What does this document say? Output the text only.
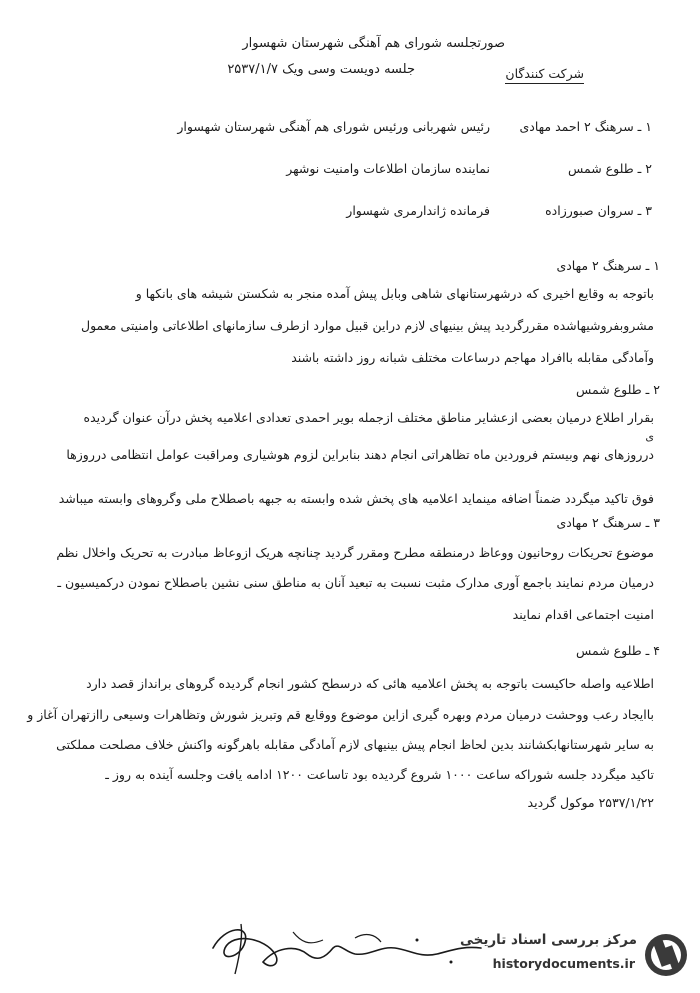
صورتجلسه شورای هم آهنگی شهرستان شهسوار
جلسه دویست وسی ویک ۲۵۳۷/۱/۷	شرکت کنندگان
۱ ـ سرهنگ ۲ احمد مهادی
رئیس شهربانی ورئیس شورای هم آهنگی شهرستان شهسوار
۲ ـ طلوع شمس
نماینده سازمان اطلاعات وامنیت نوشهر
۳ ـ سروان صبورزاده
فرمانده ژاندارمری شهسوار
۱ ـ سرهنگ ۲ مهادی
باتوجه به وقایع اخیری که درشهرستانهای شاهی وبابل پیش آمده منجر به شکستن شیشه های بانکها و
مشروبفروشیهاشده مقررگردید پیش بینیهای لازم دراین قبیل موارد ازطرف سازمانهای اطلاعاتی وامنیتی معمول
وآمادگی مقابله باافراد مهاجم درساعات مختلف شبانه روز داشته باشند
۲ ـ طلوع شمس
بقرار اطلاع درمیان بعضی ازعشایر مناطق مختلف ازجمله بویر احمدی تعدادی اعلامیه پخش درآن عنوان گردیده
ی
درروزهای نهم وبیستم فروردین ماه تظاهراتی انجام دهند بنابراین لزوم هوشیاری ومراقبت عوامل انتظامی درروزها
فوق تاکید میگردد ضمناً اضافه مینماید اعلامیه های پخش شده وابسته به جبهه باصطلاح ملی وگروهای وابسته میباشد
۳ ـ سرهنگ ۲ مهادی
موضوع تحریکات روحانیون ووعاظ درمنطقه مطرح ومقرر گردید چنانچه هریک ازوعاظ مبادرت به تحریک واخلال نظم
درمیان مردم نمایند باجمع آوری مدارک مثبت نسبت به تبعید آنان به مناطق سنی نشین باصطلاح نمودن درکمیسیون ـ
امنیت اجتماعی اقدام نمایند
۴ ـ طلوع شمس
اطلاعیه واصله حاکیست باتوجه به پخش اعلامیه هائی که درسطح کشور انجام گردیده گروهای برانداز قصد دارد
باایجاد رعب ووحشت درمیان مردم وبهره گیری ازاین موضوع ووقایع قم وتبریز شورش وتظاهرات وسیعی راازتهران آغاز و
به سایر شهرستانهابکشانند بدین لحاظ انجام پیش بینیهای لازم آمادگی مقابله باهرگونه واکنش خلاف مصلحت مملکتی
تاکید میگردد جلسه شوراکه ساعت ۱۰۰۰ شروع گردیده بود تاساعت ۱۲۰۰ ادامه یافت وجلسه آینده به روز ـ
۲۵۳۷/۱/۲۲ موکول گردید
مرکز بررسی اسناد تاریخی
historydocuments.ir
